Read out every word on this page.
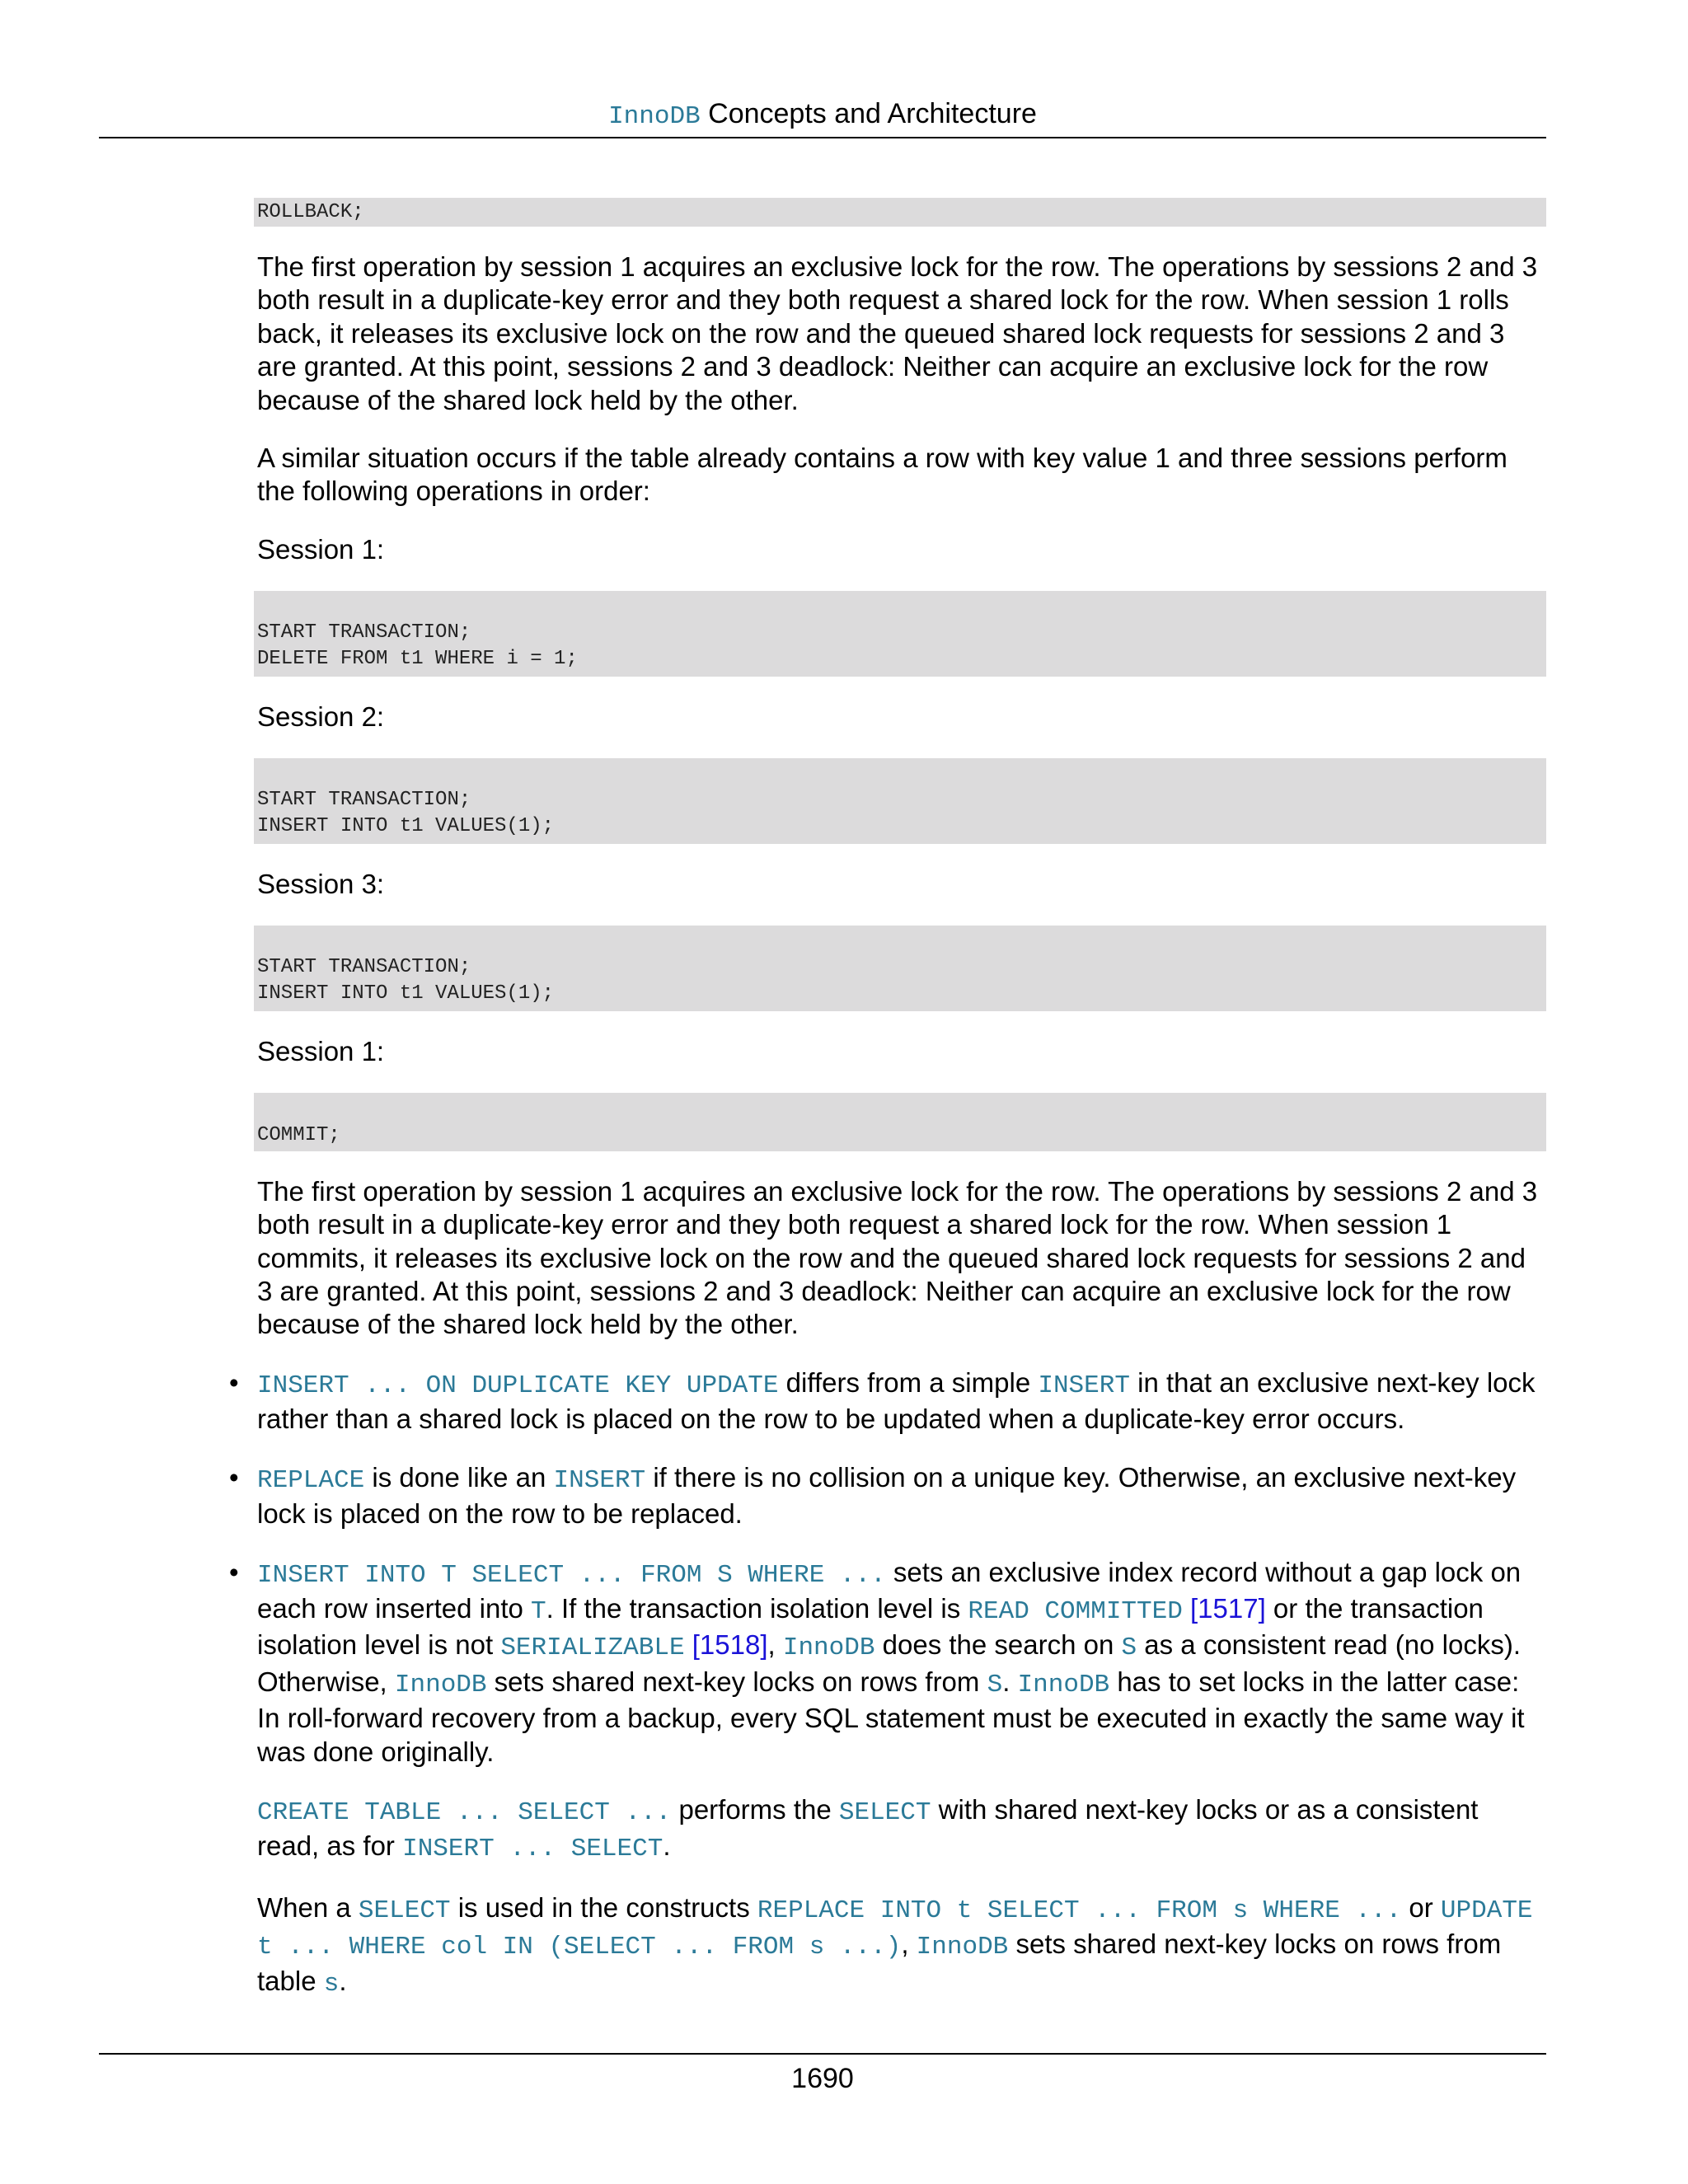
InnoDB Concepts and Architecture
ROLLBACK;

The first operation by session 1 acquires an exclusive lock for the row. The operations by sessions 2 and 3 both result in a duplicate-key error and they both request a shared lock for the row. When session 1 rolls back, it releases its exclusive lock on the row and the queued shared lock requests for sessions 2 and 3 are granted. At this point, sessions 2 and 3 deadlock: Neither can acquire an exclusive lock for the row because of the shared lock held by the other.

A similar situation occurs if the table already contains a row with key value 1 and three sessions perform the following operations in order:

Session 1:
START TRANSACTION;
DELETE FROM t1 WHERE i = 1;
Session 2:
START TRANSACTION;
INSERT INTO t1 VALUES(1);
Session 3:
START TRANSACTION;
INSERT INTO t1 VALUES(1);
Session 1:
COMMIT;

The first operation by session 1 acquires an exclusive lock for the row. The operations by sessions 2 and 3 both result in a duplicate-key error and they both request a shared lock for the row. When session 1 commits, it releases its exclusive lock on the row and the queued shared lock requests for sessions 2 and 3 are granted. At this point, sessions 2 and 3 deadlock: Neither can acquire an exclusive lock for the row because of the shared lock held by the other.

• INSERT ... ON DUPLICATE KEY UPDATE differs from a simple INSERT in that an exclusive next-key lock rather than a shared lock is placed on the row to be updated when a duplicate-key error occurs.
• REPLACE is done like an INSERT if there is no collision on a unique key. Otherwise, an exclusive next-key lock is placed on the row to be replaced.
• INSERT INTO T SELECT ... FROM S WHERE ... sets an exclusive index record without a gap lock on each row inserted into T. If the transaction isolation level is READ COMMITTED [1517] or the transaction isolation level is not SERIALIZABLE [1518], InnoDB does the search on S as a consistent read (no locks). Otherwise, InnoDB sets shared next-key locks on rows from S. InnoDB has to set locks in the latter case: In roll-forward recovery from a backup, every SQL statement must be executed in exactly the same way it was done originally.

CREATE TABLE ... SELECT ... performs the SELECT with shared next-key locks or as a consistent read, as for INSERT ... SELECT.

When a SELECT is used in the constructs REPLACE INTO t SELECT ... FROM s WHERE ... or UPDATE t ... WHERE col IN (SELECT ... FROM s ...), InnoDB sets shared next-key locks on rows from table s.

1690
